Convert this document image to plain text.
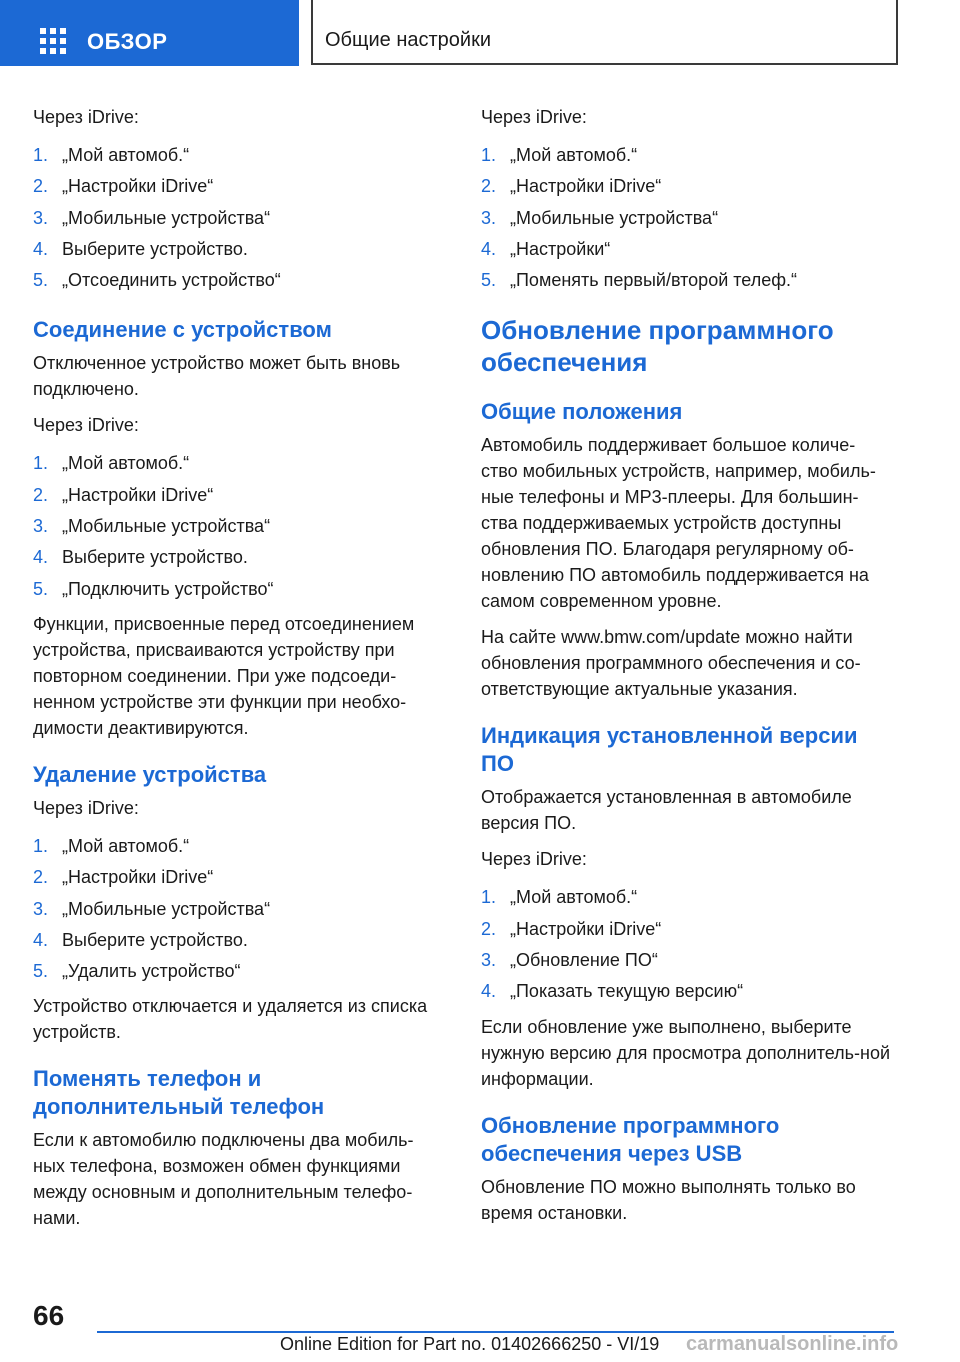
ОБЗОР	Общие настройки

Через iDrive:

1. „Мой автомоб.“
2. „Настройки iDrive“
3. „Мобильные устройства“
4. Выберите устройство.
5. „Отсоединить устройство“
Соединение с устройством

Отключенное устройство может быть вновь подключено.

Через iDrive:

1. „Мой автомоб.“
2. „Настройки iDrive“
3. „Мобильные устройства“
4. Выберите устройство.
5. „Подключить устройство“

Функции, присвоенные перед отсоединением устройства, присваиваются устройству при повторном соединении. При уже подсоеди-ненном устройстве эти функции при необхо-димости деактивируются.

Удаление устройства

Через iDrive:

1. „Мой автомоб.“
2. „Настройки iDrive“
3. „Мобильные устройства“
4. Выберите устройство.
5. „Удалить устройство“

Устройство отключается и удаляется из списка устройств.

Поменять телефон и дополнительный телефон

Если к автомобилю подключены два мобиль-ных телефона, возможен обмен функциями между основным и дополнительным телефо-нами.

Через iDrive:

1. „Мой автомоб.“
2. „Настройки iDrive“
3. „Мобильные устройства“
4. „Настройки“
5. „Поменять первый/второй телеф.“
Обновление программного обеспечения
Общие положения

Автомобиль поддерживает большое количе-ство мобильных устройств, например, мобиль-ные телефоны и MP3-плееры. Для большин-ства поддерживаемых устройств доступны обновления ПО. Благодаря регулярному об-новлению ПО автомобиль поддерживается на самом современном уровне.

На сайте www.bmw.com/update можно найти обновления программного обеспечения и со-ответствующие актуальные указания.

Индикация установленной версии ПО

Отображается установленная в автомобиле версия ПО.

Через iDrive:

1. „Мой автомоб.“
2. „Настройки iDrive“
3. „Обновление ПО“
4. „Показать текущую версию“

Если обновление уже выполнено, выберите нужную версию для просмотра дополнитель-ной информации.

Обновление программного обеспечения через USB

Обновление ПО можно выполнять только во время остановки.

66
Online Edition for Part no. 01402666250 - VI/19 carmanualsonline.info
